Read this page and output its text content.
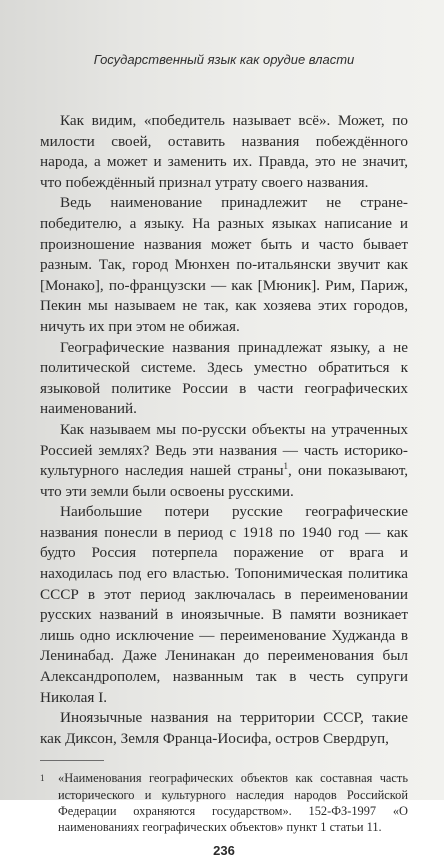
Государственный язык как орудие власти

Как видим, «победитель называет всё». Может, по милости своей, оставить названия побеждённого народа, а может и заменить их. Правда, это не значит, что побеждённый признал утрату своего названия.

Ведь наименование принадлежит не стране-победителю, а языку. На разных языках написание и произношение названия может быть и часто бывает разным. Так, город Мюнхен по-итальянски звучит как [Монако], по-французски — как [Мюник]. Рим, Париж, Пекин мы называем не так, как хозяева этих городов, ничуть их при этом не обижая.

Географические названия принадлежат языку, а не политической системе. Здесь уместно обратиться к языковой политике России в части географических наименований.

Как называем мы по-русски объекты на утраченных Россией землях? Ведь эти названия — часть историко-культурного наследия нашей страны$^1$, они показывают, что эти земли были освоены русскими.

Наибольшие потери русские географические названия понесли в период с 1918 по 1940 год — как будто Россия потерпела поражение от врага и находилась под его властью. Топонимическая политика СССР в этот период заключалась в переименовании русских названий в иноязычные. В памяти возникает лишь одно исключение — переименование Худжанда в Ленинабад. Даже Ленинакан до переименования был Александрополем, названным так в честь супруги Николая I.

Иноязычные названия на территории СССР, такие как Диксон, Земля Франца-Иосифа, остров Свердруп,

1	«Наименования географических объектов как составная часть исторического и культурного наследия народов Российской Федерации охраняются государством». 152-ФЗ-1997 «О наименованиях географических объектов» пункт 1 статьи 11.
236
